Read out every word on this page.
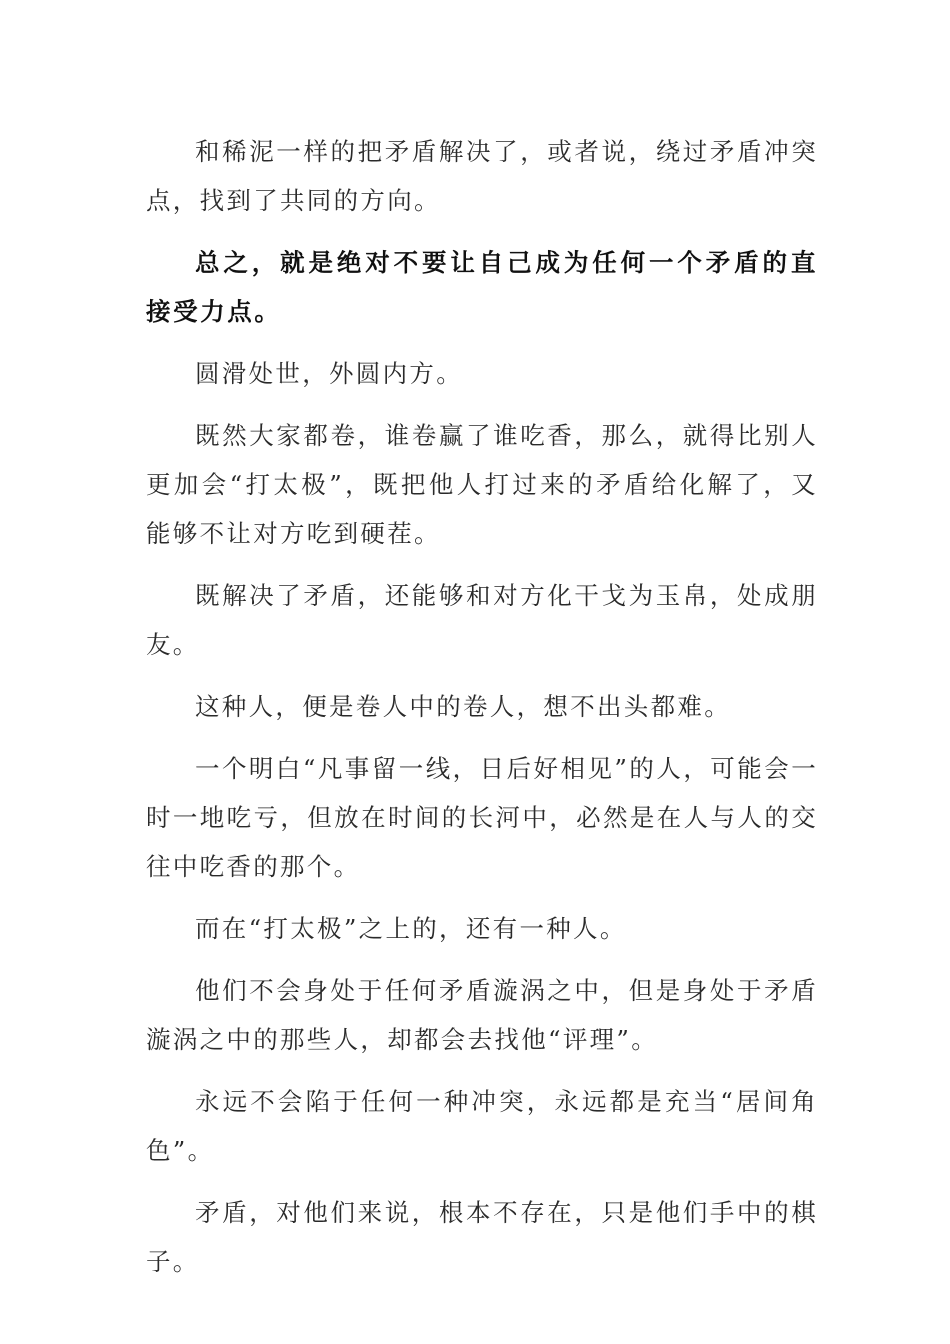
和稀泥一样的把矛盾解决了，或者说，绕过矛盾冲突点，找到了共同的方向。

总之，就是绝对不要让自己成为任何一个矛盾的直接受力点。

圆滑处世，外圆内方。

既然大家都卷，谁卷赢了谁吃香，那么，就得比别人更加会“打太极”，既把他人打过来的矛盾给化解了，又能够不让对方吃到硬茬。

既解决了矛盾，还能够和对方化干戈为玉帛，处成朋友。

这种人，便是卷人中的卷人，想不出头都难。

一个明白“凡事留一线，日后好相见”的人，可能会一时一地吃亏，但放在时间的长河中，必然是在人与人的交往中吃香的那个。

而在“打太极”之上的，还有一种人。

他们不会身处于任何矛盾漩涡之中，但是身处于矛盾漩涡之中的那些人，却都会去找他“评理”。

永远不会陷于任何一种冲突，永远都是充当“居间角色”。

矛盾，对他们来说，根本不存在，只是他们手中的棋子。
